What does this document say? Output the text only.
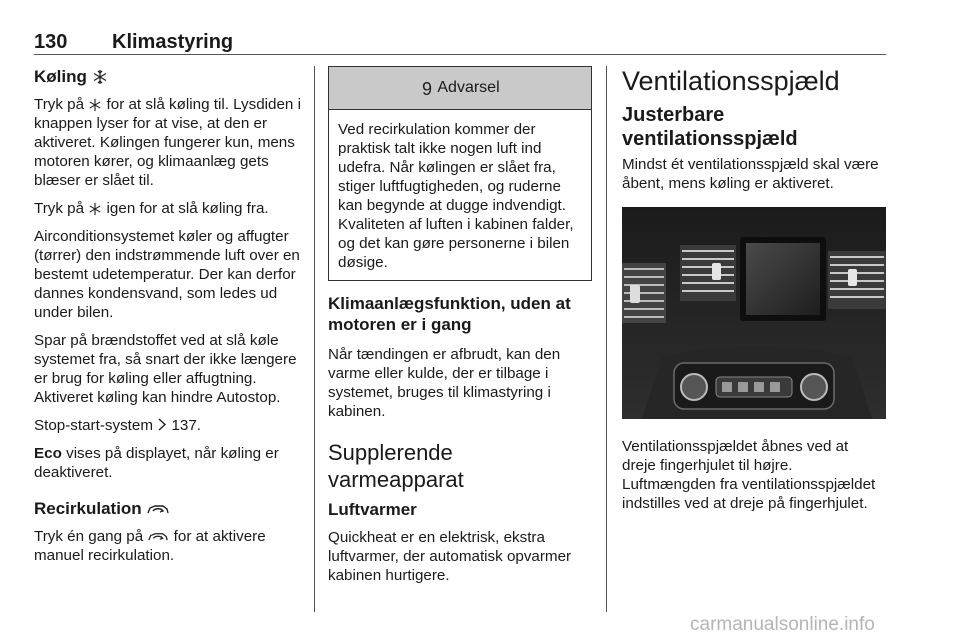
130 Klimastyring
Køling

Tryk på for at slå køling til. Lysdiden i knappen lyser for at vise, at den er aktiveret. Kølingen fungerer kun, mens motoren kører, og klimaanlæg gets blæser er slået til.

Tryk på igen for at slå køling fra.

Airconditionsystemet køler og affugter (tørrer) den indstrømmende luft over en bestemt udetemperatur. Der kan derfor dannes kondensvand, som ledes ud under bilen.

Spar på brændstoffet ved at slå køle systemet fra, så snart der ikke længere er brug for køling eller affugtning. Aktiveret køling kan hindre Autostop.

Stop-start-system 137.

Eco vises på displayet, når køling er deaktiveret.

Recirkulation

Tryk én gang på for at aktivere manuel recirkulation.

9 Advarsel
Ved recirkulation kommer der praktisk talt ikke nogen luft ind udefra. Når kølingen er slået fra, stiger luftfugtigheden, og ruderne kan begynde at dugge indvendigt. Kvaliteten af luften i kabinen falder, og det kan gøre personerne i bilen døsige.
Klimaanlægsfunktion, uden at motoren er i gang

Når tændingen er afbrudt, kan den varme eller kulde, der er tilbage i systemet, bruges til klimastyring i kabinen.

Supplerende varmeapparat
Luftvarmer

Quickheat er en elektrisk, ekstra luftvarmer, der automatisk opvarmer kabinen hurtigere.

Ventilationsspjæld
Justerbare ventilationsspjæld

Mindst ét ventilationsspjæld skal være åbent, mens køling er aktiveret.

Ventilationsspjældet åbnes ved at dreje fingerhjulet til højre. Luftmængden fra ventilationsspjældet indstilles ved at dreje på fingerhjulet.

carmanualsonline.info
